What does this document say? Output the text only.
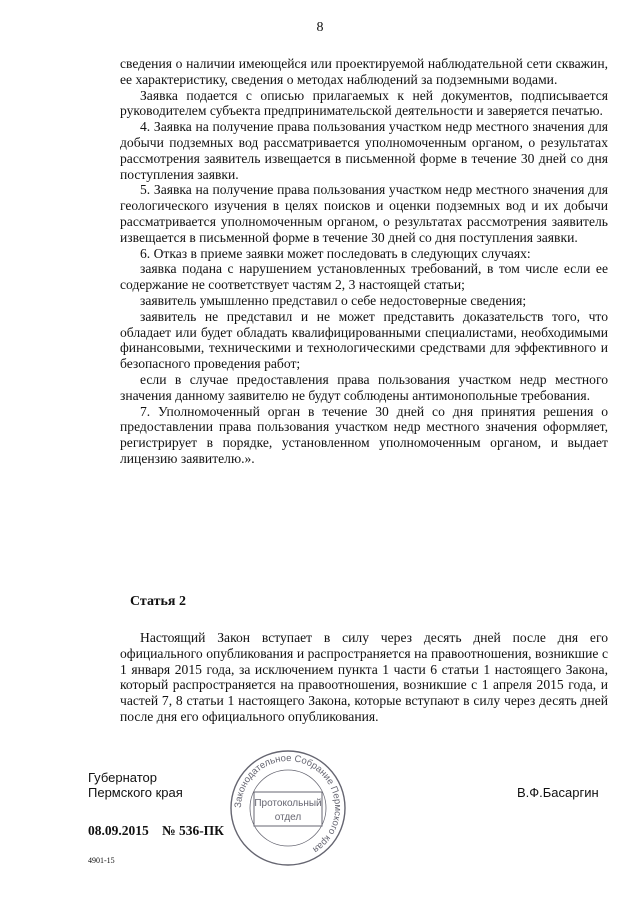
8

сведения о наличии имеющейся или проектируемой наблюдательной сети скважин, ее характеристику, сведения о методах наблюдений за подземными водами.

Заявка подается с описью прилагаемых к ней документов, подписывается руководителем субъекта предпринимательской деятельности и заверяется печатью.

4. Заявка на получение права пользования участком недр местного значения для добычи подземных вод рассматривается уполномоченным органом, о результатах рассмотрения заявитель извещается в письменной форме в течение 30 дней со дня поступления заявки.

5. Заявка на получение права пользования участком недр местного значения для геологического изучения в целях поисков и оценки подземных вод и их добычи рассматривается уполномоченным органом, о результатах рассмотрения заявитель извещается в письменной форме в течение 30 дней со дня поступления заявки.

6. Отказ в приеме заявки может последовать в следующих случаях:

заявка подана с нарушением установленных требований, в том числе если ее содержание не соответствует частям 2, 3 настоящей статьи;

заявитель умышленно представил о себе недостоверные сведения;

заявитель не представил и не может представить доказательств того, что обладает или будет обладать квалифицированными специалистами, необходимыми финансовыми, техническими и технологическими средствами для эффективного и безопасного проведения работ;

если в случае предоставления права пользования участком недр местного значения данному заявителю не будут соблюдены антимонопольные требования.

7. Уполномоченный орган в течение 30 дней со дня принятия решения о предоставлении права пользования участком недр местного значения оформляет, регистрирует в порядке, установленном уполномоченным органом, и выдает лицензию заявителю.».

Статья 2

Настоящий Закон вступает в силу через десять дней после дня его официального опубликования и распространяется на правоотношения, возникшие с 1 января 2015 года, за исключением пункта 1 части 6 статьи 1 настоящего Закона, который распространяется на правоотношения, возникшие с 1 апреля 2015 года, и частей 7, 8 статьи 1 настоящего Закона, которые вступают в силу через десять дней после дня его официального опубликования.

Губернатор
Пермского края	В.Ф.Басаргин
Законодательное Собрание Пермского края
Протокольный
отдел
08.09.2015 № 536-ПК
4901-15
